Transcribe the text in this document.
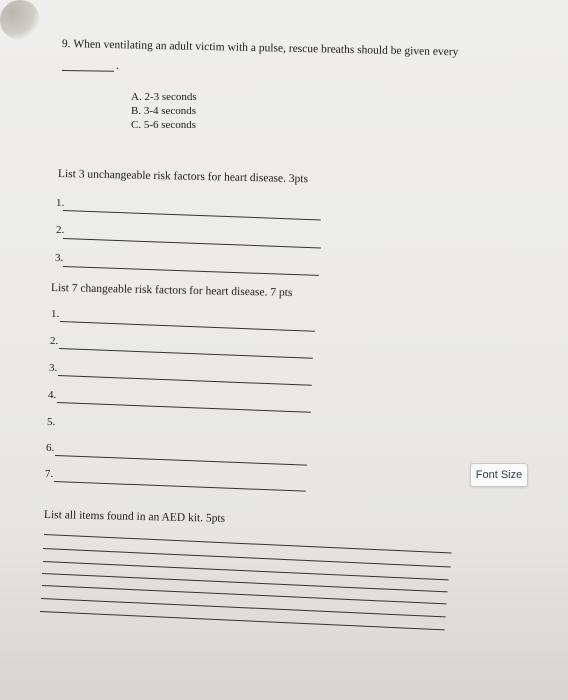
9. When ventilating an adult victim with a pulse, rescue breaths should be given every
.
A. 2-3 seconds
B. 3-4 seconds
C. 5-6 seconds
List 3 unchangeable risk factors for heart disease. 3pts
1.
2.
3.
List 7 changeable risk factors for heart disease. 7 pts
1.
2.
3.
4.
5.
6.
7.
List all items found in an AED kit. 5pts
Font Size
